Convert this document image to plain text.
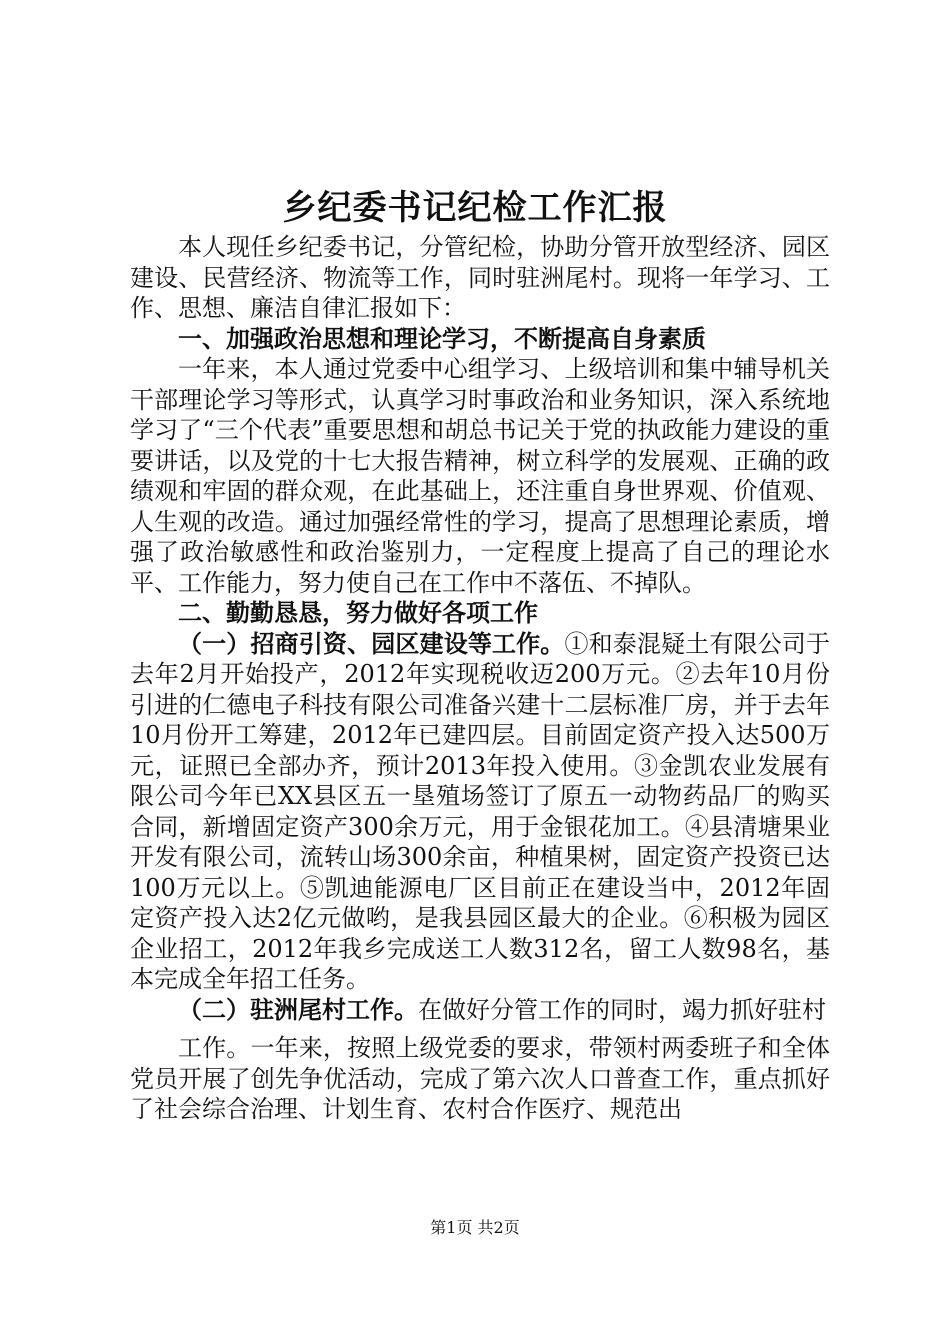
乡纪委书记纪检工作汇报

本人现任乡纪委书记，分管纪检，协助分管开放型经济、园区建设、民营经济、物流等工作，同时驻洲尾村。现将一年学习、工作、思想、廉洁自律汇报如下：

一、加强政治思想和理论学习，不断提高自身素质

一年来，本人通过党委中心组学习、上级培训和集中辅导机关干部理论学习等形式，认真学习时事政治和业务知识，深入系统地学习了“三个代表”重要思想和胡总书记关于党的执政能力建设的重要讲话，以及党的十七大报告精神，树立科学的发展观、正确的政绩观和牢固的群众观，在此基础上，还注重自身世界观、价值观、人生观的改造。通过加强经常性的学习，提高了思想理论素质，增强了政治敏感性和政治鉴别力，一定程度上提高了自己的理论水平、工作能力，努力使自己在工作中不落伍、不掉队。

二、勤勤恳恳，努力做好各项工作

（一）招商引资、园区建设等工作。①和泰混疑土有限公司于去年2月开始投产，2012年实现税收迈200万元。②去年10月份引进的仁德电子科技有限公司准备兴建十二层标准厂房，并于去年10月份开工筹建，2012年已建四层。目前固定资产投入达500万元，证照已全部办齐，预计2013年投入使用。③金凯农业发展有限公司今年已XX县区五一垦殖场签订了原五一动物药品厂的购买合同，新增固定资产300余万元，用于金银花加工。④县清塘果业开发有限公司，流转山场300余亩，种植果树，固定资产投资已达100万元以上。⑤凯迪能源电厂区目前正在建设当中，2012年固定资产投入达2亿元做哟，是我县园区最大的企业。⑥积极为园区企业招工，2012年我乡完成送工人数312名，留工人数98名，基本完成全年招工任务。

（二）驻洲尾村工作。在做好分管工作的同时，竭力抓好驻村

工作。一年来，按照上级党委的要求，带领村两委班子和全体党员开展了创先争优活动，完成了第六次人口普查工作，重点抓好了社会综合治理、计划生育、农村合作医疗、规范出

第1页 共2页
